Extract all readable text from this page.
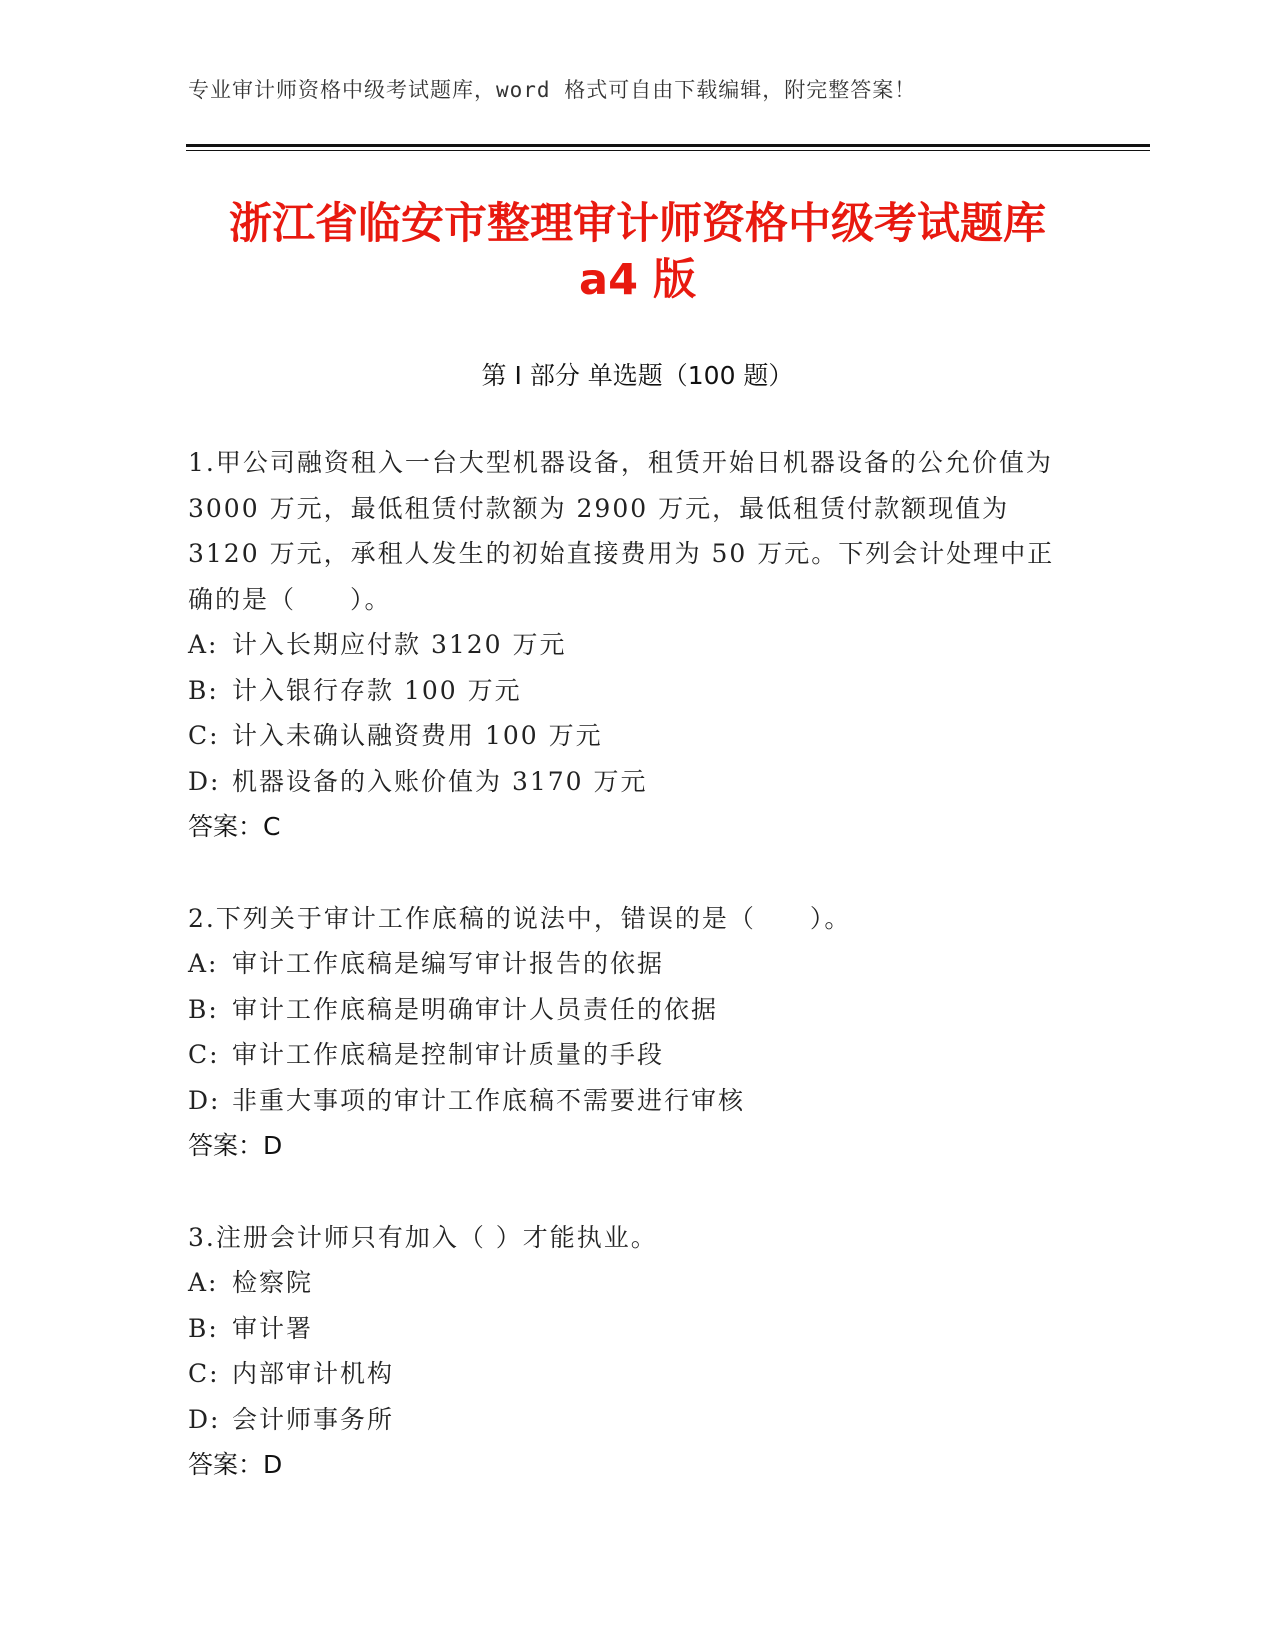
专业审计师资格中级考试题库，word 格式可自由下载编辑，附完整答案！
浙江省临安市整理审计师资格中级考试题库
a4 版
第 I 部分 单选题（100 题）
1.甲公司融资租入一台大型机器设备，租赁开始日机器设备的公允价值为 3000 万元，最低租赁付款额为 2900 万元，最低租赁付款额现值为 3120 万元，承租人发生的初始直接费用为 50 万元。下列会计处理中正确的是（　　）。
A: 计入长期应付款 3120 万元
B: 计入银行存款 100 万元
C: 计入未确认融资费用 100 万元
D: 机器设备的入账价值为 3170 万元
答案：C
2.下列关于审计工作底稿的说法中，错误的是（　　）。
A: 审计工作底稿是编写审计报告的依据
B: 审计工作底稿是明确审计人员责任的依据
C: 审计工作底稿是控制审计质量的手段
D: 非重大事项的审计工作底稿不需要进行审核
答案：D
3.注册会计师只有加入（ ）才能执业。
A: 检察院
B: 审计署
C: 内部审计机构
D: 会计师事务所
答案：D
